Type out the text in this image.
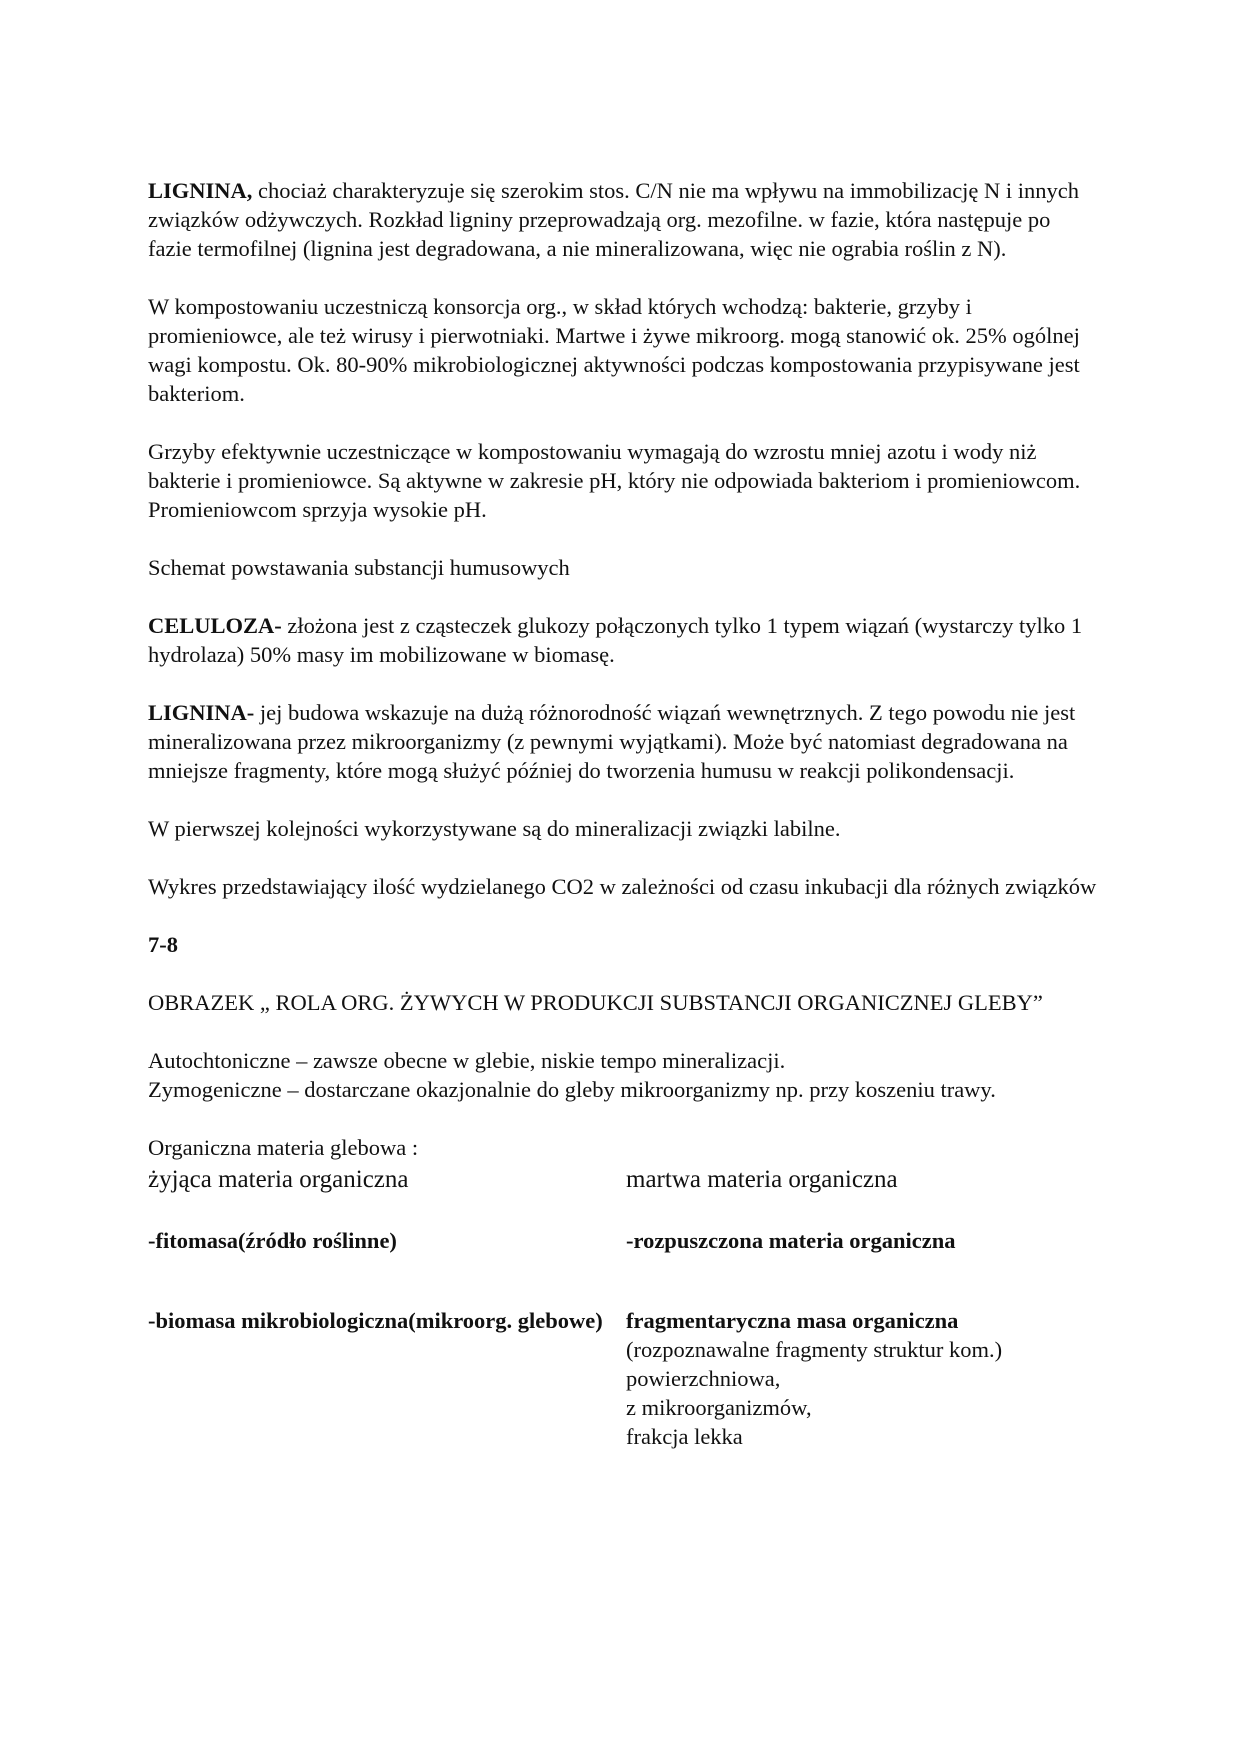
LIGNINA, chociaż charakteryzuje się szerokim stos. C/N nie ma wpływu na immobilizację N i innych związków odżywczych. Rozkład ligniny przeprowadzają org. mezofilne. w fazie, która następuje po fazie termofilnej (lignina jest degradowana, a nie mineralizowana, więc nie ograbia roślin z N).

W kompostowaniu uczestniczą konsorcja org., w skład których wchodzą: bakterie, grzyby i promieniowce, ale też wirusy i pierwotniaki. Martwe i żywe mikroorg. mogą stanowić ok. 25% ogólnej wagi kompostu. Ok. 80-90% mikrobiologicznej aktywności podczas kompostowania przypisywane jest bakteriom.

Grzyby efektywnie uczestniczące w kompostowaniu wymagają do wzrostu mniej azotu i wody niż bakterie i promieniowce. Są aktywne w zakresie pH, który nie odpowiada bakteriom i promieniowcom. Promieniowcom sprzyja wysokie pH.

Schemat powstawania substancji humusowych

CELULOZA- złożona jest z cząsteczek glukozy połączonych tylko 1 typem wiązań (wystarczy tylko 1 hydrolaza) 50% masy im mobilizowane w biomasę.

LIGNINA- jej budowa wskazuje na dużą różnorodność wiązań wewnętrznych. Z tego powodu nie jest mineralizowana przez mikroorganizmy (z pewnymi wyjątkami). Może być natomiast degradowana na mniejsze fragmenty, które mogą służyć później do tworzenia humusu w reakcji polikondensacji.

W pierwszej kolejności wykorzystywane są do mineralizacji związki labilne.

Wykres przedstawiający ilość wydzielanego CO2 w zależności od czasu inkubacji dla różnych związków

7-8

OBRAZEK „ ROLA ORG. ŻYWYCH W PRODUKCJI SUBSTANCJI ORGANICZNEJ GLEBY”

Autochtoniczne – zawsze obecne w glebie, niskie tempo mineralizacji.

Zymogeniczne – dostarczane okazjonalnie do gleby mikroorganizmy np. przy koszeniu trawy.

Organiczna materia glebowa :

żyjąca materia organiczna

-fitomasa(źródło roślinne)

-biomasa mikrobiologiczna(mikroorg. glebowe)

martwa materia organiczna

-rozpuszczona materia organiczna

fragmentaryczna masa organiczna

(rozpoznawalne fragmenty struktur kom.)

powierzchniowa,

z mikroorganizmów,

frakcja lekka
